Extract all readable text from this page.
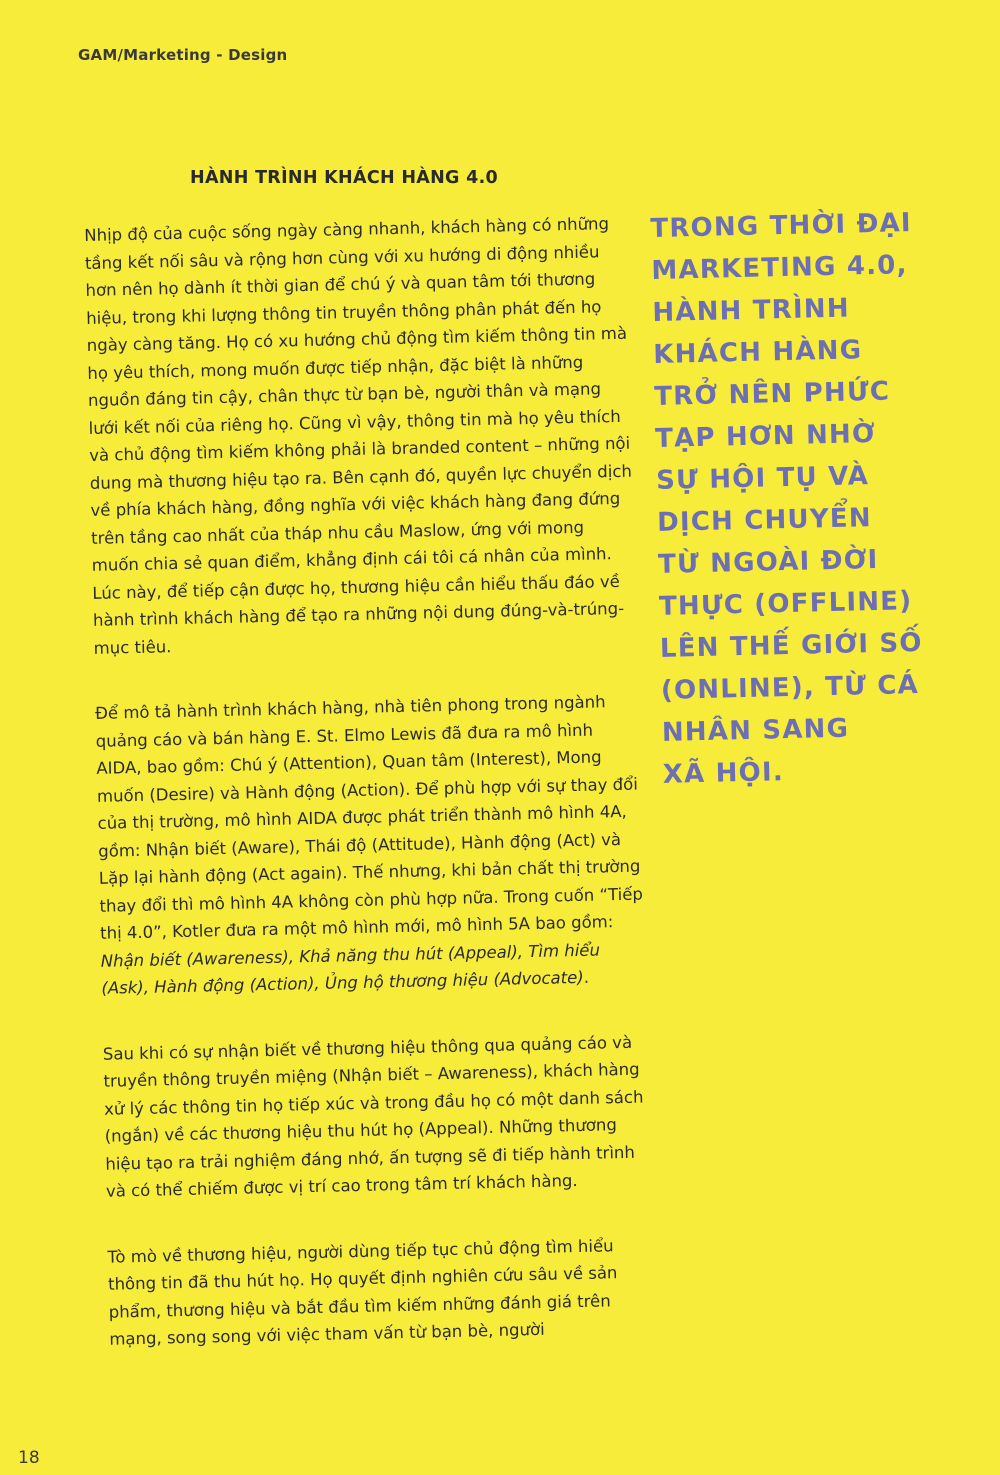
GAM/Marketing - Design
HÀNH TRÌNH KHÁCH HÀNG 4.0

Nhịp độ của cuộc sống ngày càng nhanh, khách hàng có những tầng kết nối sâu và rộng hơn cùng với xu hướng di động nhiều hơn nên họ dành ít thời gian để chú ý và quan tâm tới thương hiệu, trong khi lượng thông tin truyền thông phân phát đến họ ngày càng tăng. Họ có xu hướng chủ động tìm kiếm thông tin mà họ yêu thích, mong muốn được tiếp nhận, đặc biệt là những nguồn đáng tin cậy, chân thực từ bạn bè, người thân và mạng lưới kết nối của riêng họ. Cũng vì vậy, thông tin mà họ yêu thích và chủ động tìm kiếm không phải là branded content – những nội dung mà thương hiệu tạo ra. Bên cạnh đó, quyền lực chuyển dịch về phía khách hàng, đồng nghĩa với việc khách hàng đang đứng trên tầng cao nhất của tháp nhu cầu Maslow, ứng với mong muốn chia sẻ quan điểm, khẳng định cái tôi cá nhân của mình. Lúc này, để tiếp cận được họ, thương hiệu cần hiểu thấu đáo về hành trình khách hàng để tạo ra những nội dung đúng-và-trúng-mục tiêu.

Để mô tả hành trình khách hàng, nhà tiên phong trong ngành quảng cáo và bán hàng E. St. Elmo Lewis đã đưa ra mô hình AIDA, bao gồm: Chú ý (Attention), Quan tâm (Interest), Mong muốn (Desire) và Hành động (Action). Để phù hợp với sự thay đổi của thị trường, mô hình AIDA được phát triển thành mô hình 4A, gồm: Nhận biết (Aware), Thái độ (Attitude), Hành động (Act) và Lặp lại hành động (Act again). Thế nhưng, khi bản chất thị trường thay đổi thì mô hình 4A không còn phù hợp nữa. Trong cuốn “Tiếp thị 4.0”, Kotler đưa ra một mô hình mới, mô hình 5A bao gồm: Nhận biết (Awareness), Khả năng thu hút (Appeal), Tìm hiểu (Ask), Hành động (Action), Ủng hộ thương hiệu (Advocate).

Sau khi có sự nhận biết về thương hiệu thông qua quảng cáo và truyền thông truyền miệng (Nhận biết – Awareness), khách hàng xử lý các thông tin họ tiếp xúc và trong đầu họ có một danh sách (ngắn) về các thương hiệu thu hút họ (Appeal). Những thương hiệu tạo ra trải nghiệm đáng nhớ, ấn tượng sẽ đi tiếp hành trình và có thể chiếm được vị trí cao trong tâm trí khách hàng.

Tò mò về thương hiệu, người dùng tiếp tục chủ động tìm hiểu thông tin đã thu hút họ. Họ quyết định nghiên cứu sâu về sản phẩm, thương hiệu và bắt đầu tìm kiếm những đánh giá trên mạng, song song với việc tham vấn từ bạn bè, người

TRONG THỜI ĐẠI
MARKETING 4.0,
HÀNH TRÌNH
KHÁCH HÀNG
TRỞ NÊN PHỨC
TẠP HƠN NHỜ
SỰ HỘI TỤ VÀ
DỊCH CHUYỂN
TỪ NGOÀI ĐỜI
THỰC (OFFLINE)
LÊN THẾ GIỚI SỐ
(ONLINE), TỪ CÁ
NHÂN SANG
XÃ HỘI.
18
